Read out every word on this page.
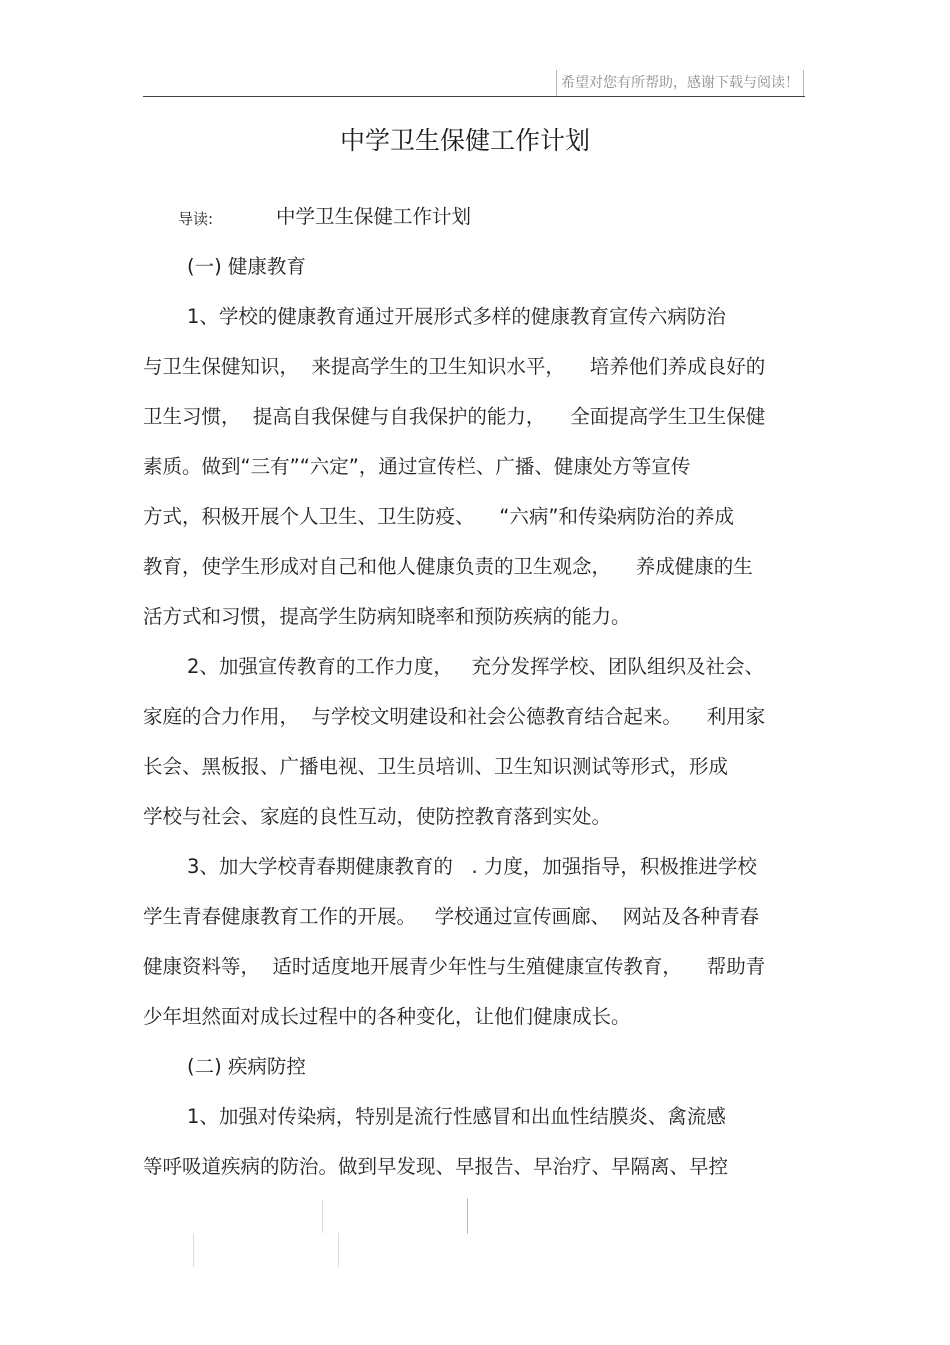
希望对您有所帮助，感谢下载与阅读！
中学卫生保健工作计划
导读:	中学卫生保健工作计划
(一) 健康教育
1、学校的健康教育通过开展形式多样的健康教育宣传六病防治
与卫生保健知识，  来提高学生的卫生知识水平，    培养他们养成良好的
卫生习惯，  提高自我保健与自我保护的能力，    全面提高学生卫生保健
素质。做到“三有”“六定”，通过宣传栏、广播、健康处方等宣传
方式，积极开展个人卫生、卫生防疫、    “六病”和传染病防治的养成
教育，使学生形成对自己和他人健康负责的卫生观念，    养成健康的生
活方式和习惯，提高学生防病知晓率和预防疾病的能力。
2、加强宣传教育的工作力度，   充分发挥学校、团队组织及社会、
家庭的合力作用，  与学校文明建设和社会公德教育结合起来。    利用家
长会、黑板报、广播电视、卫生员培训、卫生知识测试等形式，形成
学校与社会、家庭的良性互动，使防控教育落到实处。
3、加大学校青春期健康教育的   . 力度，加强指导，积极推进学校
学生青春健康教育工作的开展。   学校通过宣传画廊、  网站及各种青春
健康资料等，  适时适度地开展青少年性与生殖健康宣传教育，    帮助青
少年坦然面对成长过程中的各种变化，让他们健康成长。
(二) 疾病防控
1、加强对传染病，特别是流行性感冒和出血性结膜炎、禽流感
等呼吸道疾病的防治。做到早发现、早报告、早治疗、早隔离、早控
